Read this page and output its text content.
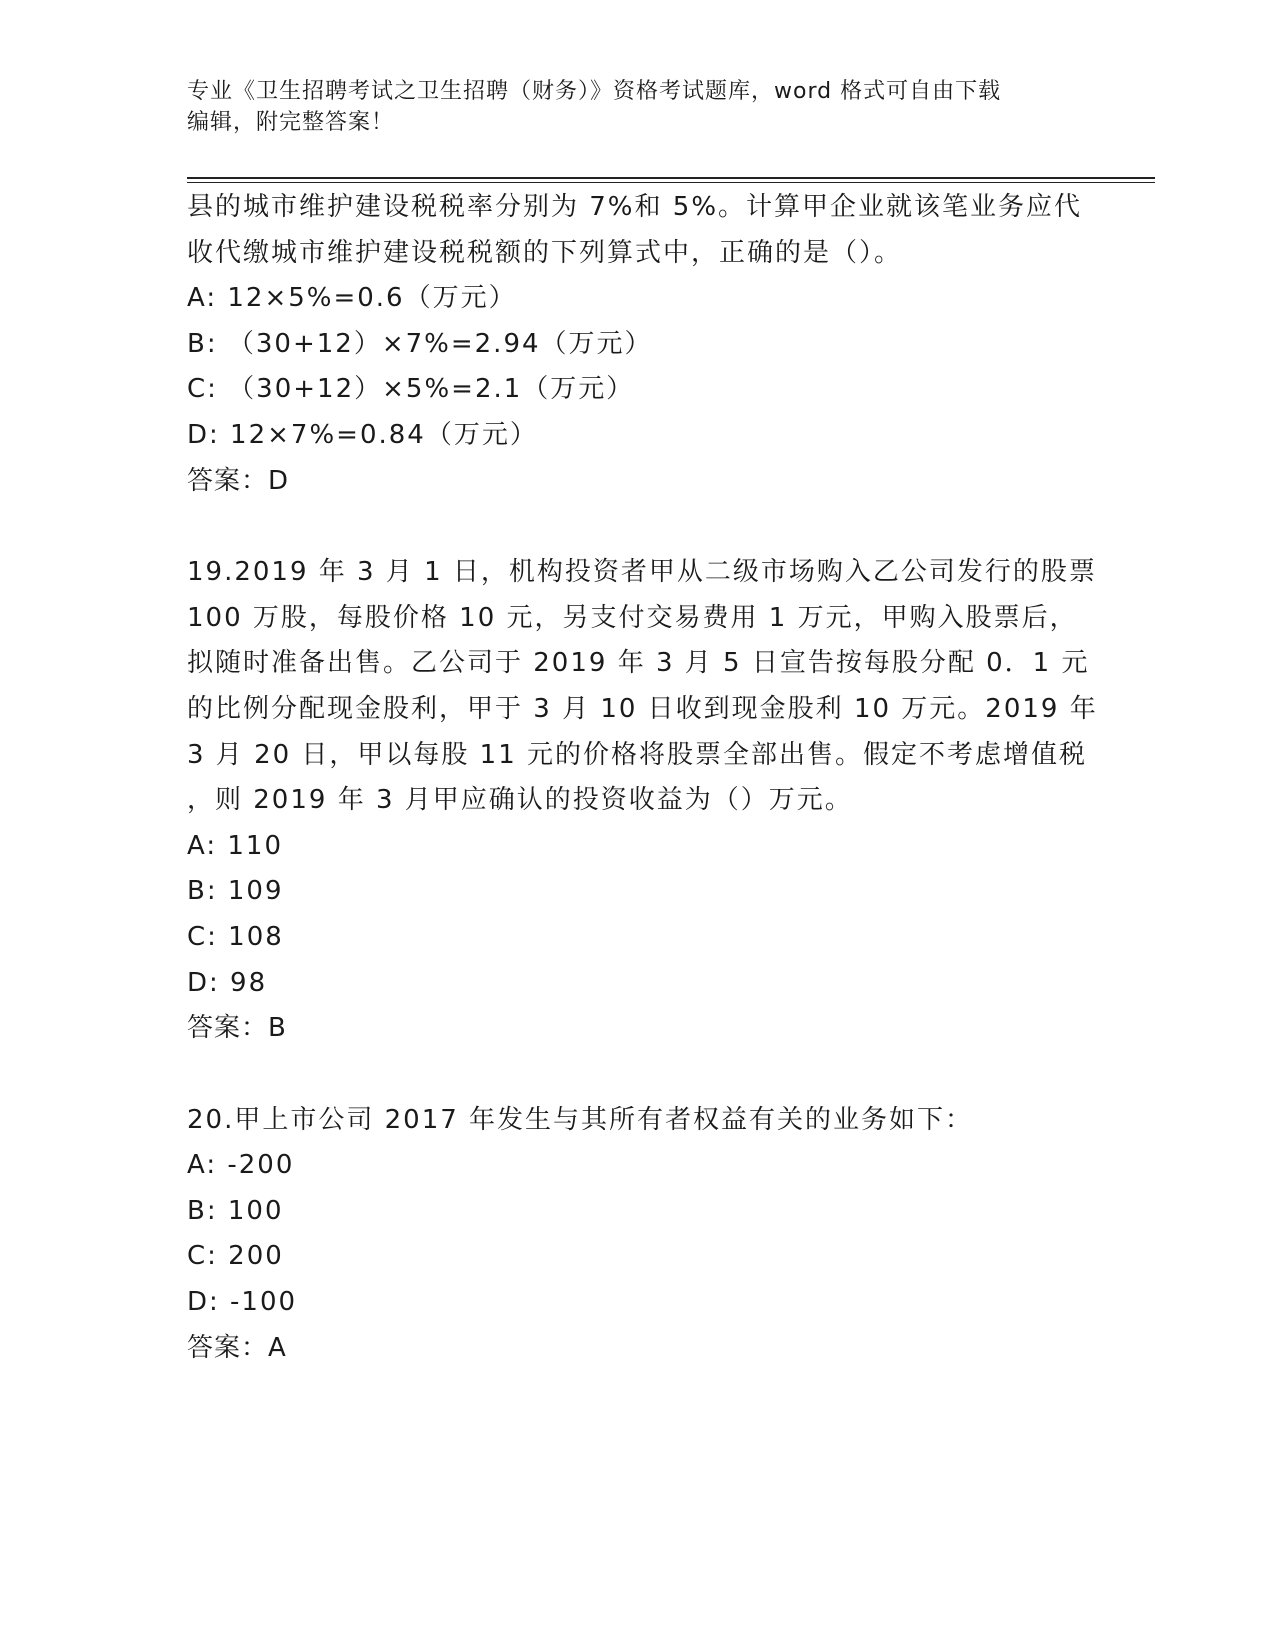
专业《卫生招聘考试之卫生招聘（财务）》资格考试题库，word 格式可自由下载
编辑，附完整答案！
县的城市维护建设税税率分别为 7%和 5%。计算甲企业就该笔业务应代
收代缴城市维护建设税税额的下列算式中，正确的是（）。
A: 12×5%=0.6（万元）
B: （30+12）×7%=2.94（万元）
C: （30+12）×5%=2.1（万元）
D: 12×7%=0.84（万元）
答案：D
19.2019 年 3 月 1 日，机构投资者甲从二级市场购入乙公司发行的股票
100 万股，每股价格 10 元，另支付交易费用 1 万元，甲购入股票后，
拟随时准备出售。乙公司于 2019 年 3 月 5 日宣告按每股分配 0．1 元
的比例分配现金股利，甲于 3 月 10 日收到现金股利 10 万元。2019 年
3 月 20 日，甲以每股 11 元的价格将股票全部出售。假定不考虑增值税
，则 2019 年 3 月甲应确认的投资收益为（）万元。
A: 110
B: 109
C: 108
D: 98
答案：B
20.甲上市公司 2017 年发生与其所有者权益有关的业务如下：
A: -200
B: 100
C: 200
D: -100
答案：A
